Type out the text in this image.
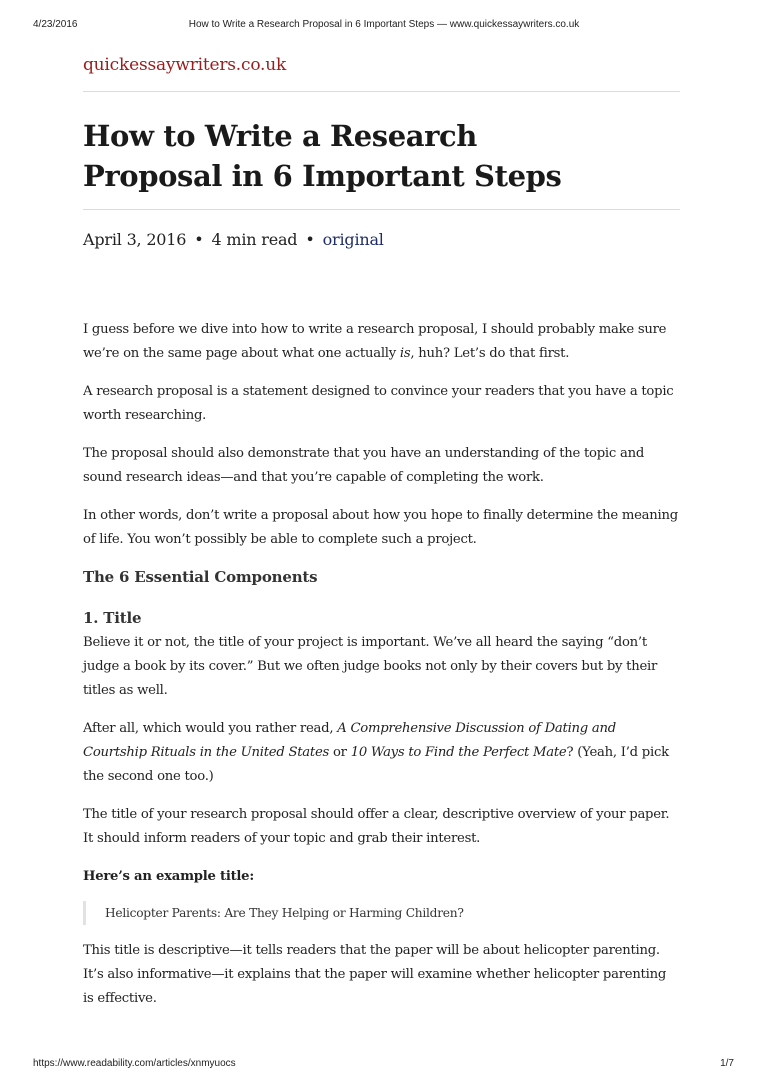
How to Write a Research Proposal in 6 Important Steps — www.quickessaywriters.co.uk
4/23/2016
quickessaywriters.co.uk
How to Write a Research
Proposal in 6 Important Steps
April 3, 2016 • 4 min read • original

I guess before we dive into how to write a research proposal, I should probably make sure we’re on the same page about what one actually is, huh? Let’s do that first.

A research proposal is a statement designed to convince your readers that you have a topic worth researching.

The proposal should also demonstrate that you have an understanding of the topic and sound research ideas—and that you’re capable of completing the work.

In other words, don’t write a proposal about how you hope to finally determine the meaning of life. You won’t possibly be able to complete such a project.

The 6 Essential Components
1. Title

Believe it or not, the title of your project is important. We’ve all heard the saying “don’t judge a book by its cover.” But we often judge books not only by their covers but by their titles as well.

After all, which would you rather read, A Comprehensive Discussion of Dating and Courtship Rituals in the United States or 10 Ways to Find the Perfect Mate? (Yeah, I’d pick the second one too.)

The title of your research proposal should offer a clear, descriptive overview of your paper. It should inform readers of your topic and grab their interest.

Here’s an example title:

Helicopter Parents: Are They Helping or Harming Children?

This title is descriptive—it tells readers that the paper will be about helicopter parenting. It’s also informative—it explains that the paper will examine whether helicopter parenting is effective.

https://www.readability.com/articles/xnmyuocs	1/7
